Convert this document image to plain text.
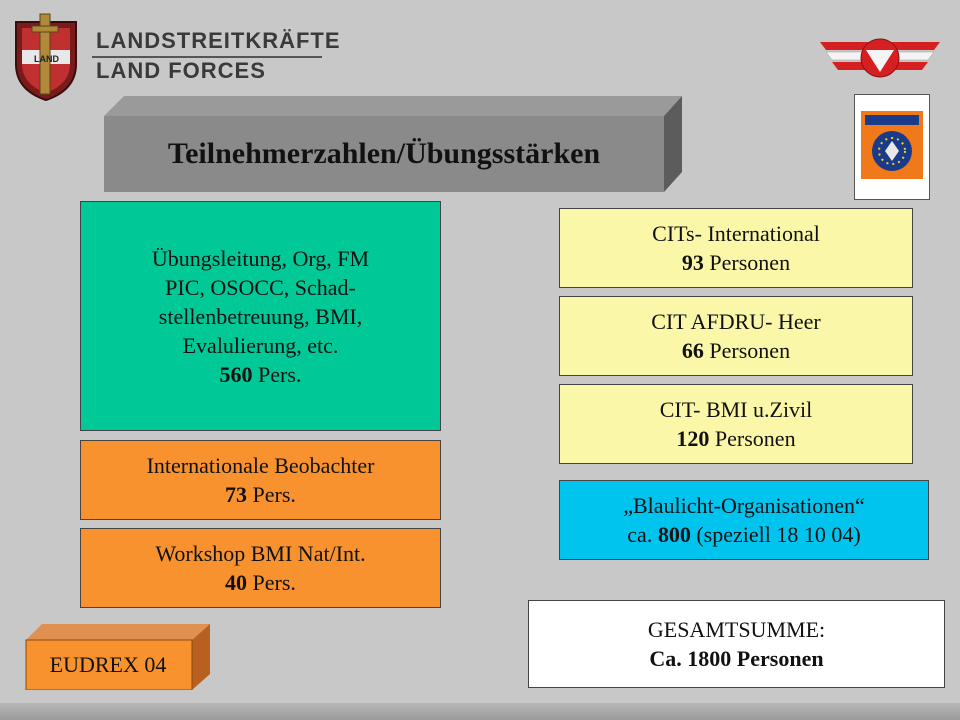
LAND
LANDSTREITKRÄFTE
LAND FORCES
Teilnehmerzahlen/Übungsstärken
Übungsleitung, Org, FM
PIC, OSOCC, Schad-
stellenbetreuung, BMI,
Evalulierung, etc.
560 Pers.
Internationale Beobachter
73 Pers.
Workshop BMI Nat/Int.
40 Pers.
CITs- International
93 Personen
CIT AFDRU- Heer
66 Personen
CIT- BMI u.Zivil
120 Personen
„Blaulicht-Organisationen“
ca. 800 (speziell 18 10 04)
GESAMTSUMME:
Ca. 1800 Personen
EUDREX 04
